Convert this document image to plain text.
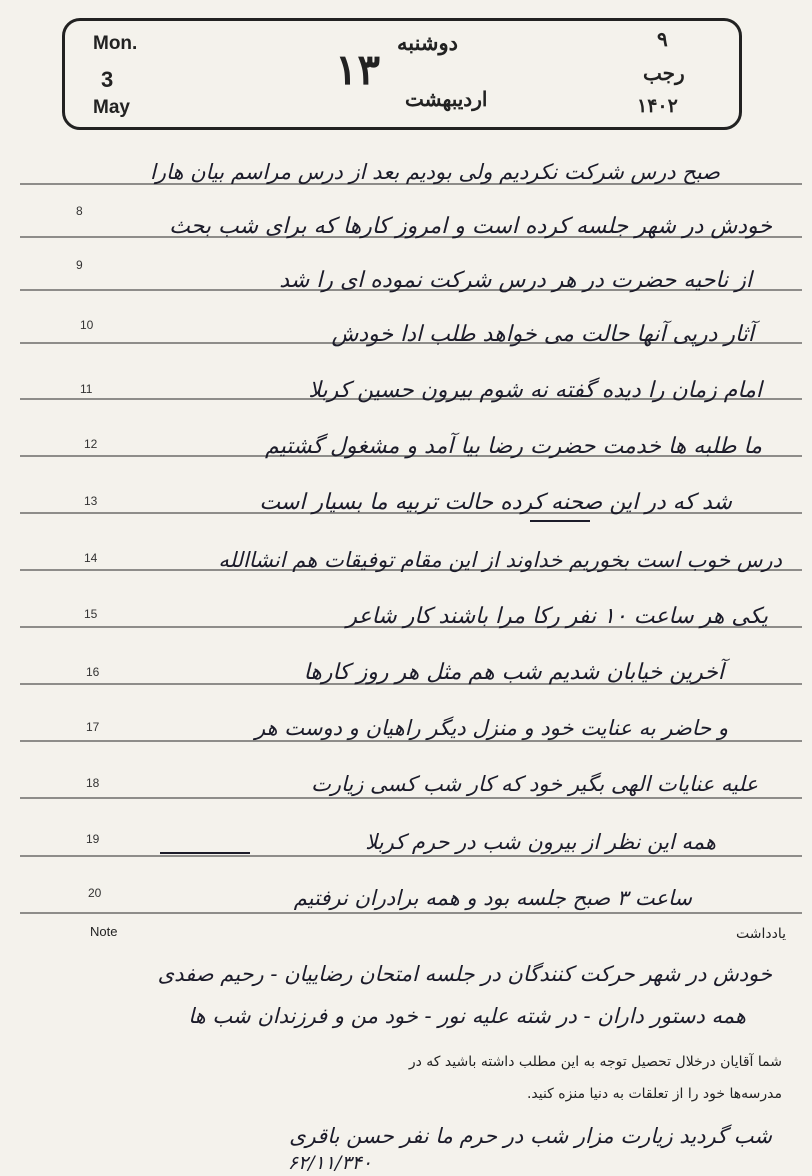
Mon.
3
May
دوشنبه
۱۳
اردیبهشت
۹
رجب
۱۴۰۲
8
9
10
11
12
13
14
15
16
17
18
19
20
صبح درس شرکت نکردیم ولی بودیم بعد از درس مراسم بیان هارا
خودش در شهر جلسه کرده است و امروز کارها که برای شب بحث
از ناحیه حضرت در هر درس شرکت نموده ای را شد
آثار درپی آنها حالت می خواهد طلب ادا خودش
امام زمان را دیده گفته نه شوم بیرون حسین کربلا
ما طلبه ها خدمت حضرت رضا بیا آمد و مشغول گشتیم
شد که در این صحنه کرده حالت تربیه ما بسیار است
درس خوب است بخوریم خداوند از این مقام توفیقات هم انشاالله
یکی هر ساعت ۱۰ نفر رکا مرا باشند کار شاعر
آخرین خیابان شدیم شب هم مثل هر روز کارها
و حاضر به عنایت خود و منزل دیگر راهیان و دوست هر
علیه عنایات الهی بگیر خود که کار شب کسی زیارت
همه این نظر از بیرون شب در حرم کربلا
ساعت ۳ صبح جلسه بود و همه برادران نرفتیم
Note	یادداشت
خودش در شهر حرکت کنندگان در جلسه امتحان رضاییان - رحیم صفدی
همه دستور داران - در شته علیه نور - خود من و فرزندان شب ها
شما آقایان درخلال تحصیل توجه به این مطلب داشته باشید که در
مدرسه‌ها خود را از تعلقات به دنیا منزه کنید.
شب گردید زیارت مزار شب در حرم ما نفر حسن باقری
۶۲/۱۱/۳۴۰
